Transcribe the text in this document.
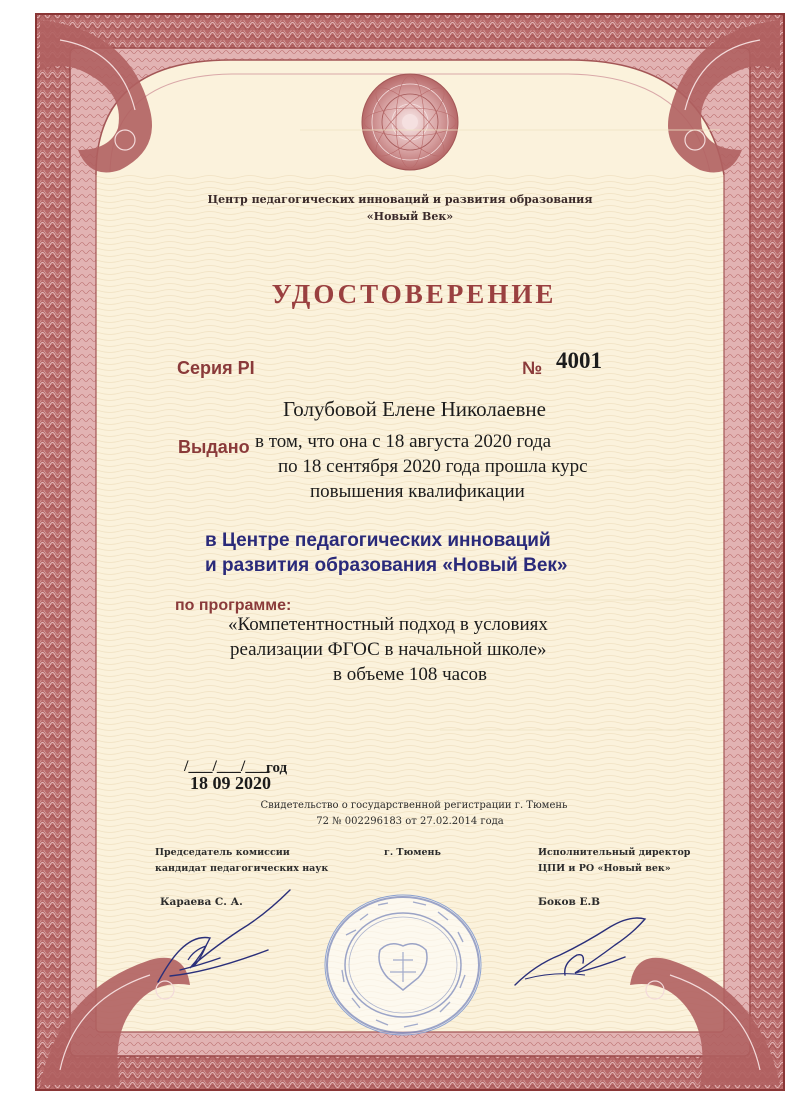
Центр педагогических инноваций и развития образования

«Новый Век»

УДОСТОВЕРЕНИЕ

Серия PI	№ 4001

Голубовой Елене Николаевне

Выдано в том, что она с 18 августа 2020 года

по 18 сентября 2020 года прошла курс

повышения квалификации

в Центре педагогических инноваций

и развития образования «Новый Век»

по программе:

«Компетентностный подход в условиях

реализации ФГОС в начальной школе»

в объеме 108 часов

/___/___/___

год

18 09 2020

Свидетельство о государственной регистрации г. Тюмень

72 № 002296183 от 27.02.2014 года

Председатель комиссии

кандидат педагогических наук

г. Тюмень	Исполнительный директор

ЦПИ и РО «Новый век»

Караева С. А.	Боков Е.В
